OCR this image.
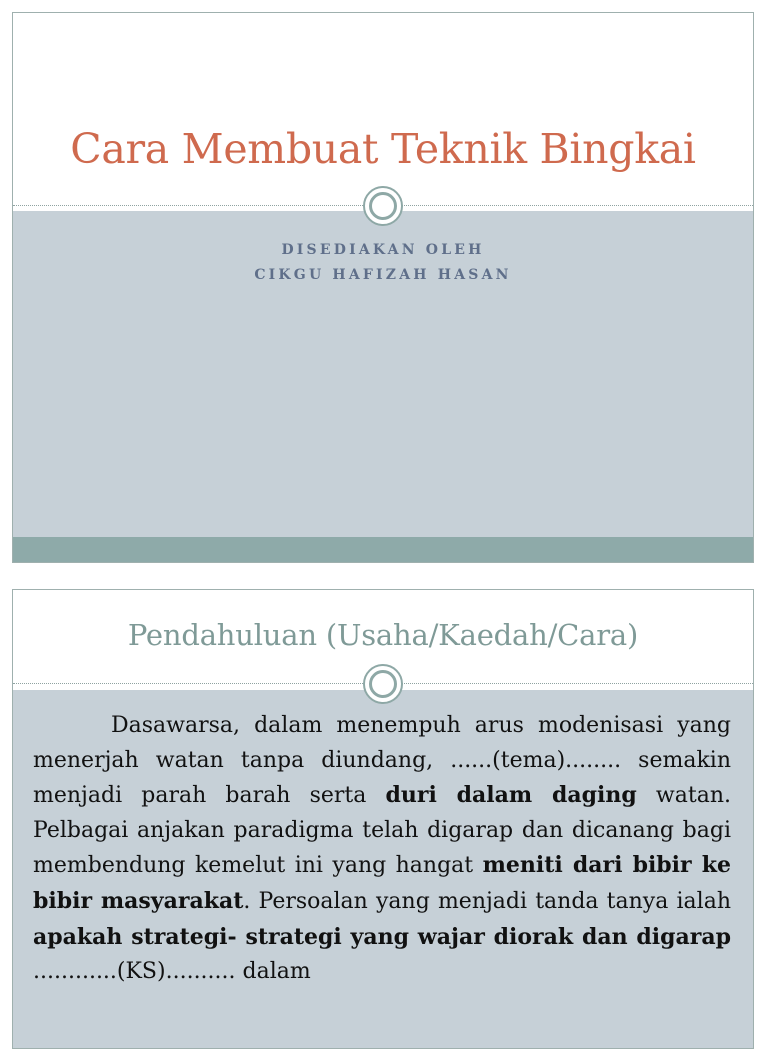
Cara Membuat Teknik Bingkai
DISEDIAKAN OLEH
CIKGU HAFIZAH HASAN
Pendahuluan (Usaha/Kaedah/Cara)

Dasawarsa, dalam menempuh arus modenisasi yang menerjah watan tanpa diundang, ......(tema)........ semakin menjadi parah barah serta duri dalam daging watan. Pelbagai anjakan paradigma telah digarap dan dicanang bagi membendung kemelut ini yang hangat meniti dari bibir ke bibir masyarakat. Persoalan yang menjadi tanda tanya ialah apakah strategi- strategi yang wajar diorak dan digarap ............(KS).......... dalam
